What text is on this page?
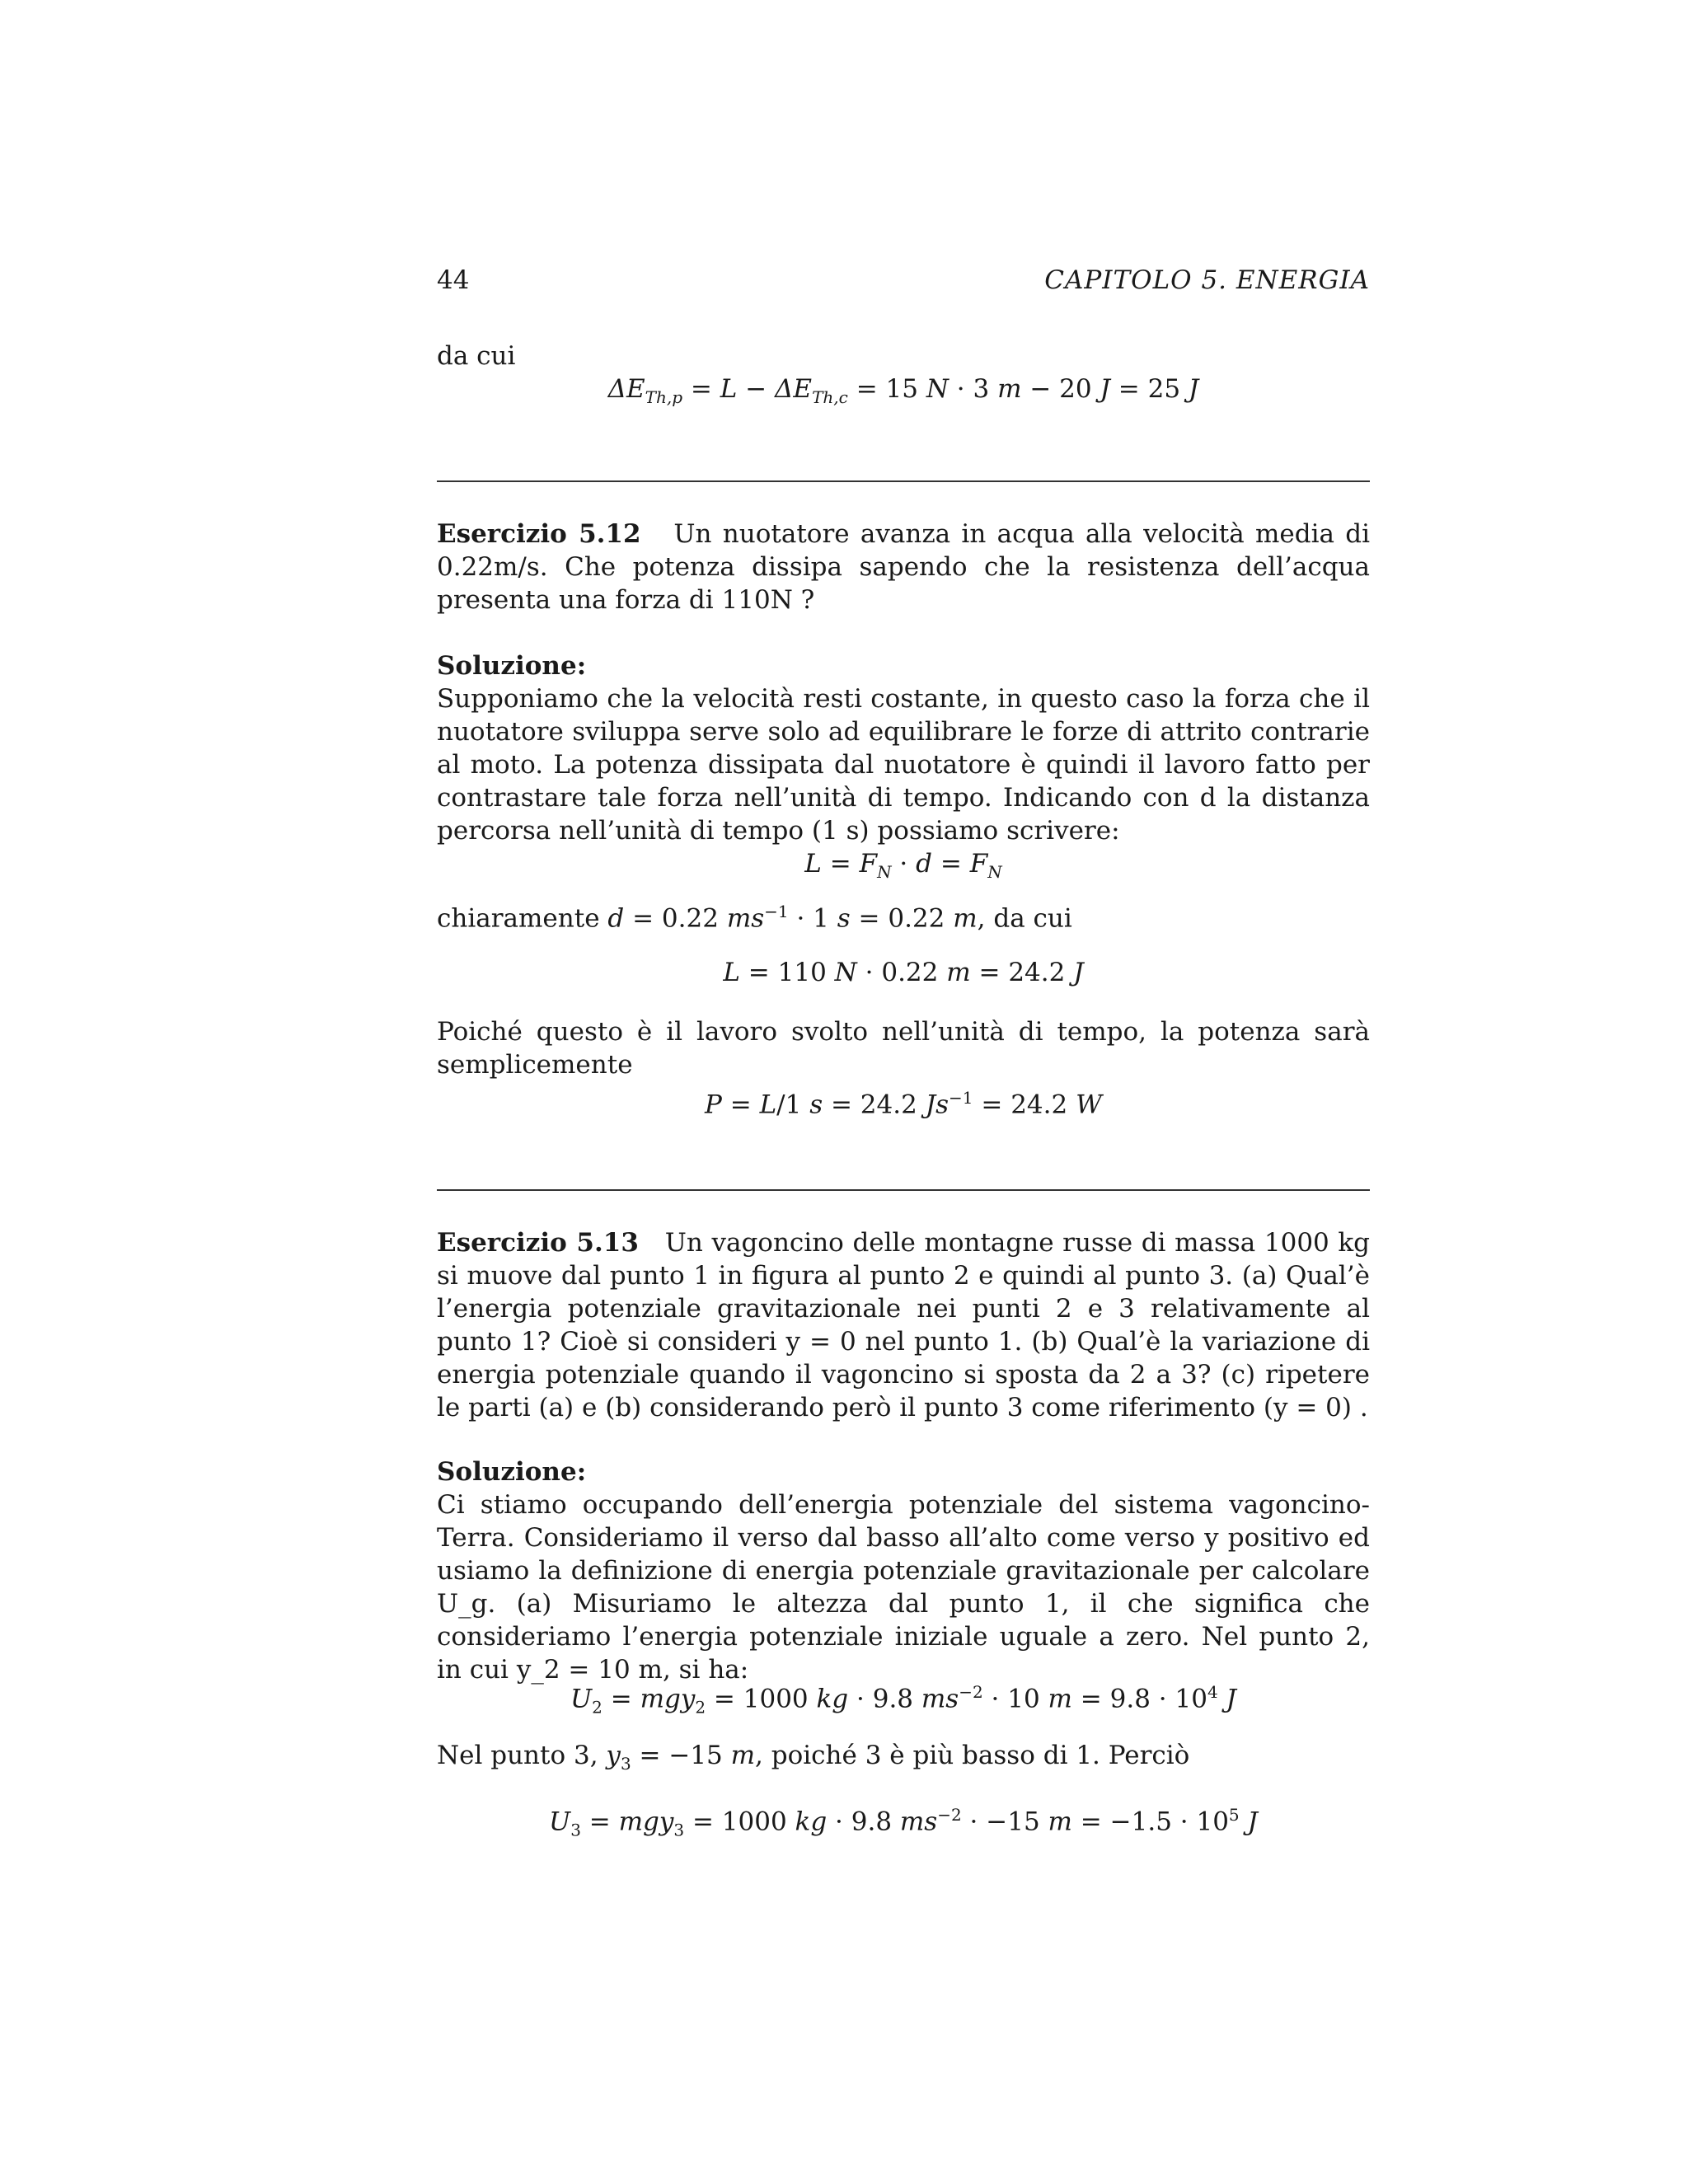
44	CAPITOLO 5. ENERGIA
da cui
$\Delta E_{Th,p} = L - \Delta E_{Th,c} = 15$ N · 3 m − 20 J = 25 J
Esercizio 5.12 Un nuotatore avanza in acqua alla velocità media di 0.22m/s. Che potenza dissipa sapendo che la resistenza dell’acqua presenta una forza di 110N ?
Soluzione:
Supponiamo che la velocità resti costante, in questo caso la forza che il nuotatore sviluppa serve solo ad equilibrare le forze di attrito contrarie al moto. La potenza dissipata dal nuotatore è quindi il lavoro fatto per contrastare tale forza nell’unità di tempo. Indicando con d la distanza percorsa nell’unità di tempo (1 s) possiamo scrivere:
$L = F_N \cdot d = F_N$
chiaramente d = 0.22 $ms^{-1} \cdot 1$ s = 0.22 m, da cui
L = 110 N · 0.22 m = 24.2 J
Poiché questo è il lavoro svolto nell’unità di tempo, la potenza sarà semplicemente
P = L/1 s = 24.2 $Js^{-1} = 24.2$ W
Esercizio 5.13 Un vagoncino delle montagne russe di massa 1000 kg si muove dal punto 1 in figura al punto 2 e quindi al punto 3. (a) Qual’è l’energia potenziale gravitazionale nei punti 2 e 3 relativamente al punto 1? Cioè si consideri y = 0 nel punto 1. (b) Qual’è la variazione di energia potenziale quando il vagoncino si sposta da 2 a 3? (c) ripetere le parti (a) e (b) considerando però il punto 3 come riferimento (y = 0) .
Soluzione:
Ci stiamo occupando dell’energia potenziale del sistema vagoncino-Terra. Consideriamo il verso dal basso all’alto come verso y positivo ed usiamo la definizione di energia potenziale gravitazionale per calcolare U_g. (a) Misuriamo le altezza dal punto 1, il che significa che consideriamo l’energia potenziale iniziale uguale a zero. Nel punto 2, in cui y_2 = 10 m, si ha:
$U_2 = mgy_2 = 1000$ kg · 9.8 $ms^{-2} \cdot 10$ $m = 9.8 \cdot 10^4$ J
Nel punto 3, $y_3 = -15$ m, poiché 3 è più basso di 1. Perciò
$U_3 = mgy_3 = 1000$ kg · 9.8 $ms^{-2} \cdot -15$ $m = -1.5 \cdot 10^5$ J
